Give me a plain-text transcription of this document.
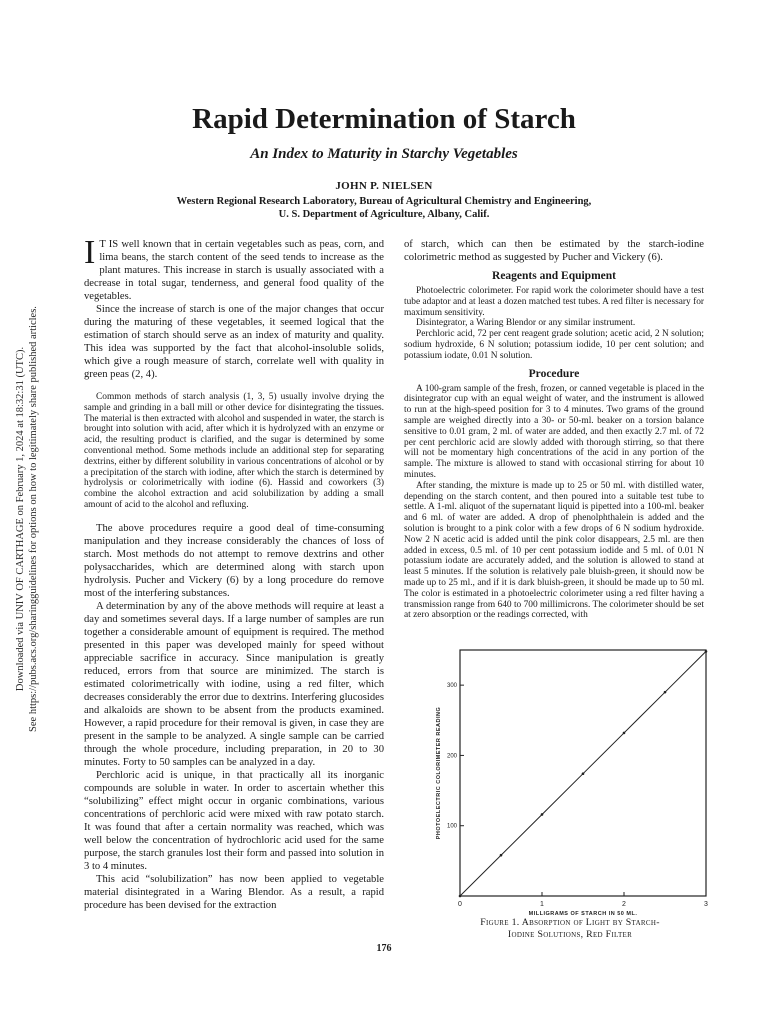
Downloaded via UNIV OF CARTHAGE on February 1, 2024 at 18:32:31 (UTC). See https://pubs.acs.org/sharingguidelines for options on how to legitimately share published articles.
Rapid Determination of Starch
An Index to Maturity in Starchy Vegetables
JOHN P. NIELSEN
Western Regional Research Laboratory, Bureau of Agricultural Chemistry and Engineering,
U. S. Department of Agriculture, Albany, Calif.

I T IS well known that in certain vegetables such as peas, corn, and lima beans, the starch content of the seed tends to increase as the plant matures. This increase in starch is usually associated with a decrease in total sugar, tenderness, and general food quality of the vegetables.

Since the increase of starch is one of the major changes that occur during the maturing of these vegetables, it seemed logical that the estimation of starch should serve as an index of maturity and quality. This idea was supported by the fact that alcohol-insoluble solids, which give a rough measure of starch, correlate well with quality in green peas (2, 4).

Common methods of starch analysis (1, 3, 5) usually involve drying the sample and grinding in a ball mill or other device for disintegrating the tissues. The material is then extracted with alcohol and suspended in water, the starch is brought into solution with acid, after which it is hydrolyzed with an enzyme or acid, the resulting product is clarified, and the sugar is determined by some conventional method. Some methods include an additional step for separating dextrins, either by different solubility in various concentrations of alcohol or by a precipitation of the starch with iodine, after which the starch is determined by hydrolysis or colorimetrically with iodine (6). Hassid and coworkers (3) combine the alcohol extraction and acid solubilization by adding a small amount of acid to the alcohol and refluxing.

The above procedures require a good deal of time-consuming manipulation and they increase considerably the chances of loss of starch. Most methods do not attempt to remove dextrins and other polysaccharides, which are determined along with starch upon hydrolysis. Pucher and Vickery (6) by a long procedure do remove most of the interfering substances.

A determination by any of the above methods will require at least a day and sometimes several days. If a large number of samples are run together a considerable amount of equipment is required. The method presented in this paper was developed mainly for speed without appreciable sacrifice in accuracy. Since manipulation is greatly reduced, errors from that source are minimized. The starch is estimated colorimetrically with iodine, using a red filter, which decreases considerably the error due to dextrins. Interfering glucosides and alkaloids are shown to be absent from the products examined. However, a rapid procedure for their removal is given, in case they are present in the sample to be analyzed. A single sample can be carried through the whole procedure, including preparation, in 20 to 30 minutes. Forty to 50 samples can be analyzed in a day.

Perchloric acid is unique, in that practically all its inorganic compounds are soluble in water. In order to ascertain whether this “solubilizing” effect might occur in organic combinations, various concentrations of perchloric acid were mixed with raw potato starch. It was found that after a certain normality was reached, which was well below the concentration of hydrochloric acid used for the same purpose, the starch granules lost their form and passed into solution in 3 to 4 minutes.

This acid “solubilization” has now been applied to vegetable material disintegrated in a Waring Blendor. As a result, a rapid procedure has been devised for the extraction

of starch, which can then be estimated by the starch-iodine colorimetric method as suggested by Pucher and Vickery (6).

Reagents and Equipment

Photoelectric colorimeter. For rapid work the colorimeter should have a test tube adaptor and at least a dozen matched test tubes. A red filter is necessary for maximum sensitivity.

Disintegrator, a Waring Blendor or any similar instrument.

Perchloric acid, 72 per cent reagent grade solution; acetic acid, 2 N solution; sodium hydroxide, 6 N solution; potassium iodide, 10 per cent solution; and potassium iodate, 0.01 N solution.

Procedure

A 100-gram sample of the fresh, frozen, or canned vegetable is placed in the disintegrator cup with an equal weight of water, and the instrument is allowed to run at the high-speed position for 3 to 4 minutes. Two grams of the ground sample are weighed directly into a 30- or 50-ml. beaker on a torsion balance sensitive to 0.01 gram, 2 ml. of water are added, and then exactly 2.7 ml. of 72 per cent perchloric acid are slowly added with thorough stirring, so that there will not be momentary high concentrations of the acid in any portion of the sample. The mixture is allowed to stand with occasional stirring for about 10 minutes.

After standing, the mixture is made up to 25 or 50 ml. with distilled water, depending on the starch content, and then poured into a suitable test tube to settle. A 1-ml. aliquot of the supernatant liquid is pipetted into a 100-ml. beaker and 6 ml. of water are added. A drop of phenolphthalein is added and the solution is brought to a pink color with a few drops of 6 N sodium hydroxide. Now 2 N acetic acid is added until the pink color disappears, 2.5 ml. are then added in excess, 0.5 ml. of 10 per cent potassium iodide and 5 ml. of 0.01 N potassium iodate are accurately added, and the solution is allowed to stand at least 5 minutes. If the solution is relatively pale bluish-green, it should now be made up to 25 ml., and if it is dark bluish-green, it should be made up to 50 ml. The color is estimated in a photoelectric colorimeter using a red filter having a transmission range from 640 to 700 millimicrons. The colorimeter should be set at zero absorption or the readings corrected, with

0	1	2	3
100
200
300
MILLIGRAMS OF STARCH IN 50 ML.
PHOTOELECTRIC COLORIMETER READING
Figure 1. Absorption of Light by Starch-
Iodine Solutions, Red Filter
176
